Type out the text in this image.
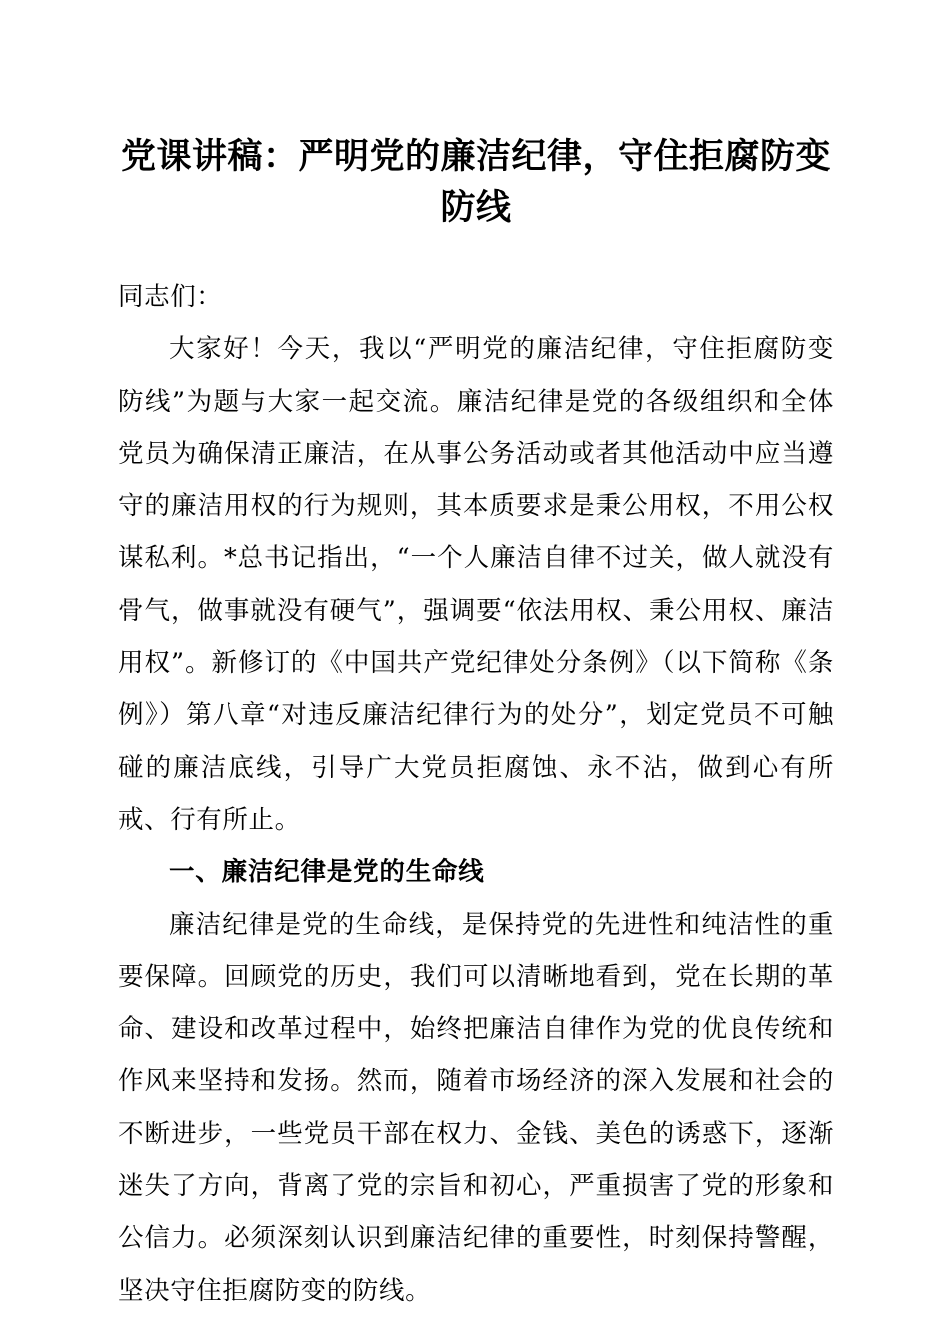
党课讲稿：严明党的廉洁纪律，守住拒腐防变防线

同志们：

大家好！今天，我以“严明党的廉洁纪律，守住拒腐防变防线”为题与大家一起交流。廉洁纪律是党的各级组织和全体党员为确保清正廉洁，在从事公务活动或者其他活动中应当遵守的廉洁用权的行为规则，其本质要求是秉公用权，不用公权谋私利。*总书记指出，“一个人廉洁自律不过关，做人就没有骨气，做事就没有硬气”，强调要“依法用权、秉公用权、廉洁用权”。新修订的《中国共产党纪律处分条例》（以下简称《条例》）第八章“对违反廉洁纪律行为的处分”，划定党员不可触碰的廉洁底线，引导广大党员拒腐蚀、永不沾，做到心有所戒、行有所止。

一、廉洁纪律是党的生命线

廉洁纪律是党的生命线，是保持党的先进性和纯洁性的重要保障。回顾党的历史，我们可以清晰地看到，党在长期的革命、建设和改革过程中，始终把廉洁自律作为党的优良传统和作风来坚持和发扬。然而，随着市场经济的深入发展和社会的不断进步，一些党员干部在权力、金钱、美色的诱惑下，逐渐迷失了方向，背离了党的宗旨和初心，严重损害了党的形象和公信力。必须深刻认识到廉洁纪律的重要性，时刻保持警醒，坚决守住拒腐防变的防线。
